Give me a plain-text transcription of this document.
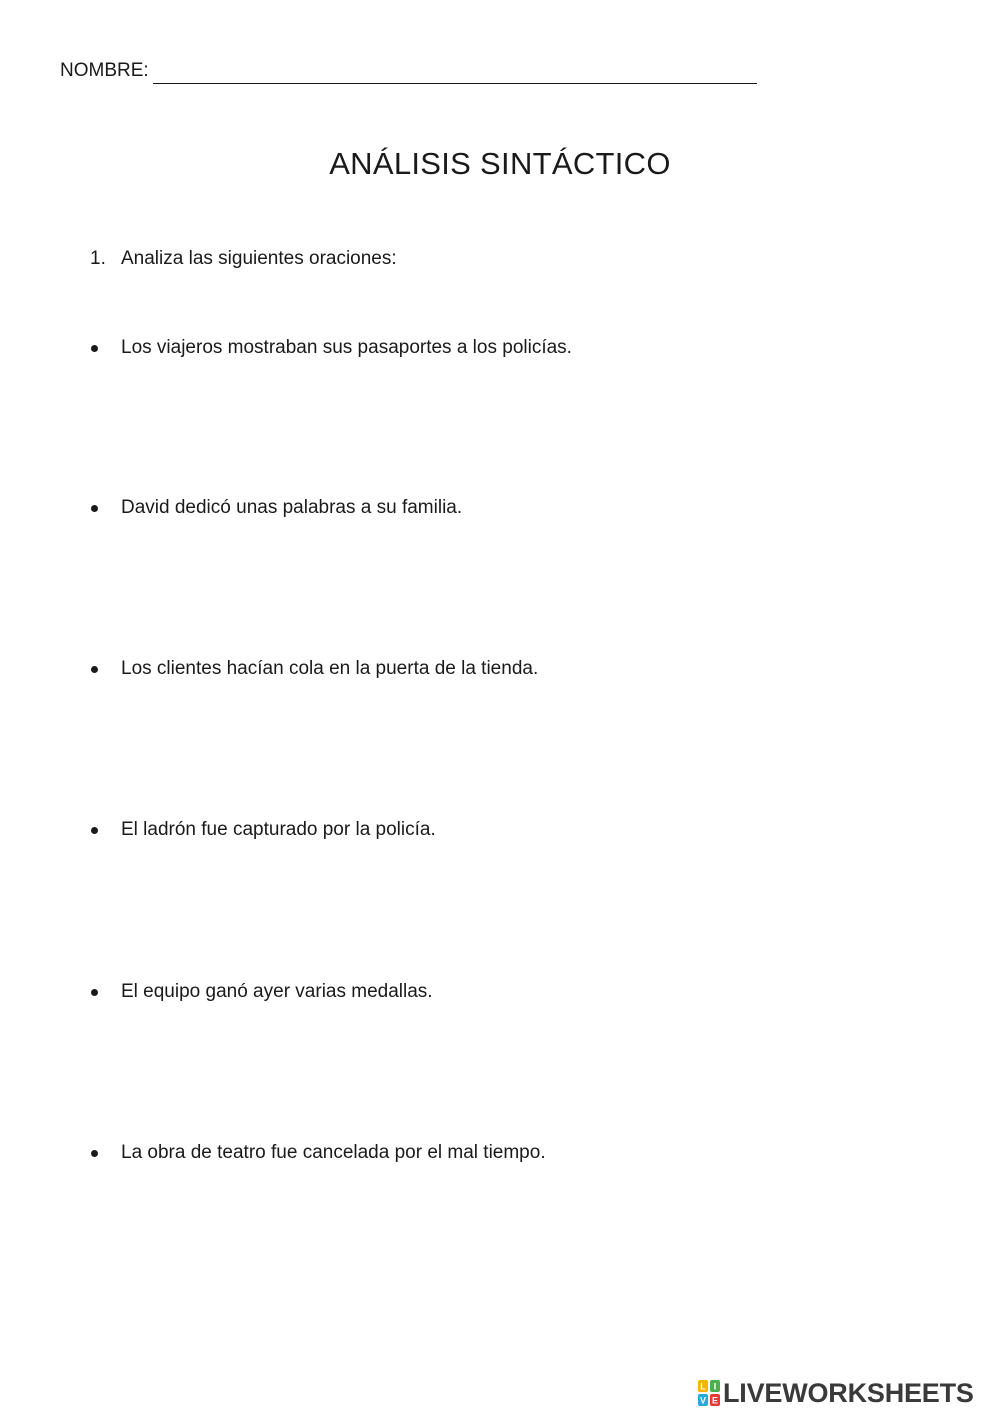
NOMBRE:
ANÁLISIS SINTÁCTICO
1. Analiza las siguientes oraciones:
Los viajeros mostraban sus pasaportes a los policías.
David dedicó unas palabras a su familia.
Los clientes hacían cola en la puerta de la tienda.
El ladrón fue capturado por la policía.
El equipo ganó ayer varias medallas.
La obra de teatro fue cancelada por el mal tiempo.
L I
V E LIVEWORKSHEETS
